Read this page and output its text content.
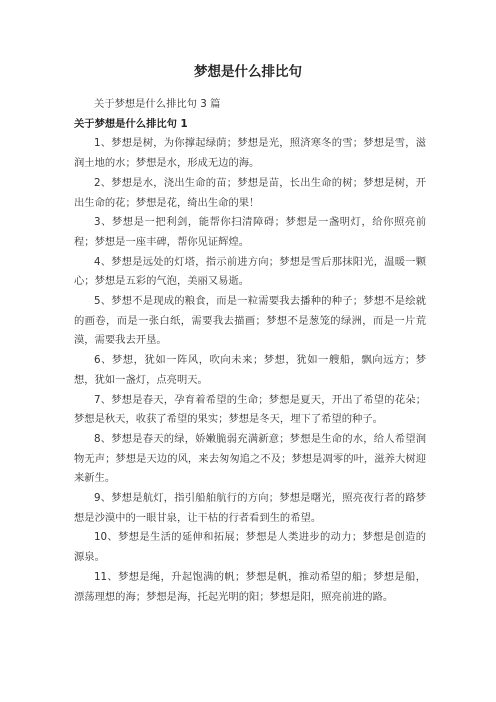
梦想是什么排比句

关于梦想是什么排比句 3 篇

关于梦想是什么排比句 1

1、梦想是树，为你撑起绿荫；梦想是光，照済寒冬的雪；梦想是雪，滋润土地的水；梦想是水，形成无边的海。

2、梦想是水，浇出生命的苗；梦想是苗，长出生命的树；梦想是树，开出生命的花；梦想是花，绮出生命的果！

3、梦想是一把利剑，能帮你扫清障碍；梦想是一盏明灯，给你照亮前程；梦想是一座丰碑，帮你见证辉煌。

4、梦想是远处的灯塔，指示前进方向；梦想是雪后那抹阳光，温暖一颗心；梦想是五彩的气泡，美丽又易逝。

5、梦想不是现成的粮食，而是一粒需要我去播种的种子；梦想不是绘就的画卷，而是一张白纸，需要我去描画；梦想不是葱笼的绿洲，而是一片荒漠，需要我去开垦。

6、梦想，犹如一阵风，吹向未来；梦想，犹如一艘船，飘向远方；梦想，犹如一盏灯，点亮明天。

7、梦想是春天，孕育着希望的生命；梦想是夏天，开出了希望的花朵；梦想是秋天，收获了希望的果实；梦想是冬天，埋下了希望的种子。

8、梦想是春天的绿，娇嫩脆弱充满新意；梦想是生命的水，给人希望润物无声；梦想是天边的风，来去匆匆追之不及；梦想是凋零的叶，滋养大树迎来新生。

9、梦想是航灯，指引船舶航行的方向；梦想是曙光，照亮夜行者的路梦想是沙漠中的一眼甘泉，让干枯的行者看到生的希望。

10、梦想是生活的延伸和拓展；梦想是人类进步的动力；梦想是创造的源泉。

11、梦想是绳，升起饱满的帆；梦想是帆，推动希望的船；梦想是船，漂荡理想的海；梦想是海，托起光明的阳；梦想是阳，照亮前进的路。
